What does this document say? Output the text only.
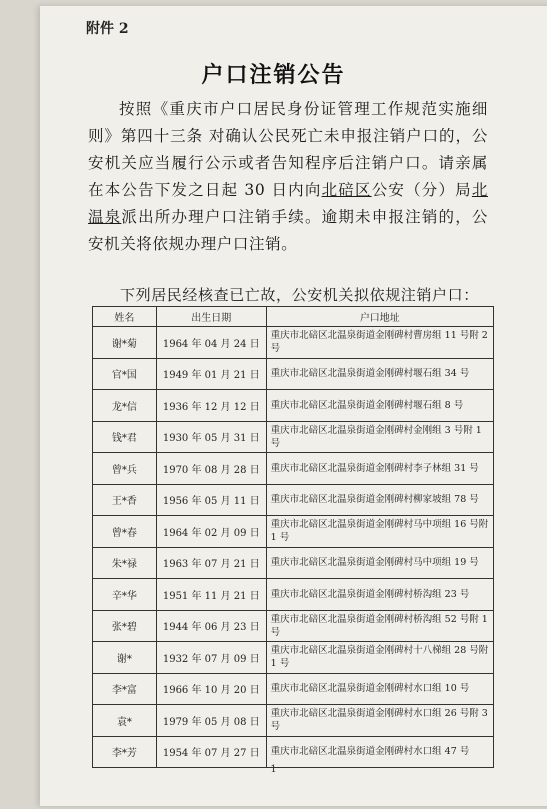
附件 2
户口注销公告
按照《重庆市户口居民身份证管理工作规范实施细则》第四十三条 对确认公民死亡未申报注销户口的，公安机关应当履行公示或者告知程序后注销户口。请亲属在本公告下发之日起 30 日内向北碚区公安（分）局北温泉派出所办理户口注销手续。逾期未申报注销的，公安机关将依规办理户口注销。
下列居民经核查已亡故，公安机关拟依规注销户口：
姓名	出生日期	户口地址
谢*菊	1964 年 04 月 24 日	重庆市北碚区北温泉街道金刚碑村曹房组 11 号附 2 号
官*国	1949 年 01 月 21 日	重庆市北碚区北温泉街道金刚碑村堰石组 34 号
龙*信	1936 年 12 月 12 日	重庆市北碚区北温泉街道金刚碑村堰石组 8 号
钱*君	1930 年 05 月 31 日	重庆市北碚区北温泉街道金刚碑村金刚组 3 号附 1 号
曾*兵	1970 年 08 月 28 日	重庆市北碚区北温泉街道金刚碑村李子林组 31 号
王*香	1956 年 05 月 11 日	重庆市北碚区北温泉街道金刚碑村柳家坡组 78 号
曾*春	1964 年 02 月 09 日	重庆市北碚区北温泉街道金刚碑村马中项组 16 号附 1 号
朱*禄	1963 年 07 月 21 日	重庆市北碚区北温泉街道金刚碑村马中项组 19 号
辛*华	1951 年 11 月 21 日	重庆市北碚区北温泉街道金刚碑村桥沟组 23 号
张*碧	1944 年 06 月 23 日	重庆市北碚区北温泉街道金刚碑村桥沟组 52 号附 1 号
谢*	1932 年 07 月 09 日	重庆市北碚区北温泉街道金刚碑村十八梯组 28 号附 1 号
李*富	1966 年 10 月 20 日	重庆市北碚区北温泉街道金刚碑村水口组 10 号
袁*	1979 年 05 月 08 日	重庆市北碚区北温泉街道金刚碑村水口组 26 号附 3 号
李*芳	1954 年 07 月 27 日	重庆市北碚区北温泉街道金刚碑村水口组 47 号
1
